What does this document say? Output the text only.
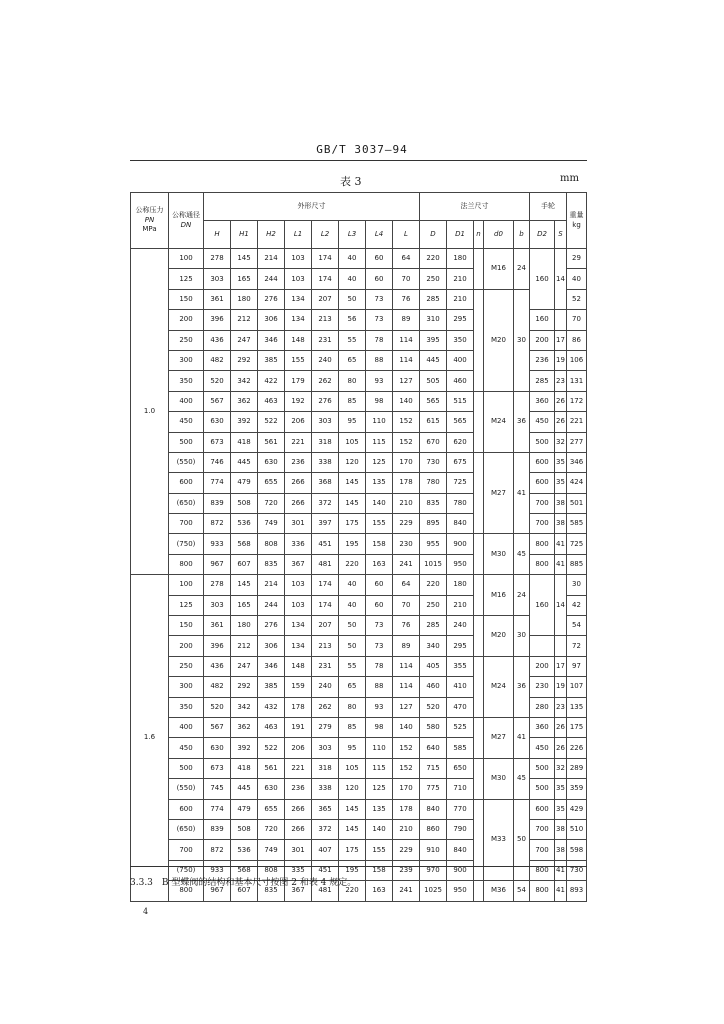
GB/T 3037—94
表 3	mm
公称压力
PN
MPa	公称通径
DN	外形尺寸								法兰尺寸					手轮		重量
kg
		H	H1	H2	L1	L2	L3	L4	L	D	D1	n	d0	b	D2	S	
1.0	100	278	145	214	103	174	40	60	64	220	180		M16	24	160	14	29
	125	303	165	244	103	174	40	60	70	250	210						40
	150	361	180	276	134	207	50	73	76	285	210		M20	30			52
	200	396	212	306	134	213	56	73	89	310	295				160		70
	250	436	247	346	148	231	55	78	114	395	350				200	17	86
	300	482	292	385	155	240	65	88	114	445	400				236	19	106
	350	520	342	422	179	262	80	93	127	505	460				285	23	131
	400	567	362	463	192	276	85	98	140	565	515		M24	36	360	26	172
	450	630	392	522	206	303	95	110	152	615	565				450	26	221
	500	673	418	561	221	318	105	115	152	670	620				500	32	277
	(550)	746	445	630	236	338	120	125	170	730	675		M27	41	600	35	346
	600	774	479	655	266	368	145	135	178	780	725				600	35	424
	(650)	839	508	720	266	372	145	140	210	835	780				700	38	501
	700	872	536	749	301	397	175	155	229	895	840				700	38	585
	(750)	933	568	808	336	451	195	158	230	955	900		M30	45	800	41	725
	800	967	607	835	367	481	220	163	241	1015	950				800	41	885
1.6	100	278	145	214	103	174	40	60	64	220	180		M16	24	160	14	30
	125	303	165	244	103	174	40	60	70	250	210						42
	150	361	180	276	134	207	50	73	76	285	240		M20	30			54
	200	396	212	306	134	213	50	73	89	340	295						72
	250	436	247	346	148	231	55	78	114	405	355		M24	36	200	17	97
	300	482	292	385	159	240	65	88	114	460	410				230	19	107
	350	520	342	432	178	262	80	93	127	520	470				280	23	135
	400	567	362	463	191	279	85	98	140	580	525		M27	41	360	26	175
	450	630	392	522	206	303	95	110	152	640	585				450	26	226
	500	673	418	561	221	318	105	115	152	715	650		M30	45	500	32	289
	(550)	745	445	630	236	338	120	125	170	775	710				500	35	359
	600	774	479	655	266	365	145	135	178	840	770		M33	50	600	35	429
	(650)	839	508	720	266	372	145	140	210	860	790				700	38	510
	700	872	536	749	301	407	175	155	229	910	840				700	38	598
	(750)	933	568	808	335	451	195	158	239	970	900				800	41	730
	800	967	607	835	367	481	220	163	241	1025	950		M36	54	800	41	893
3.3.3　B 型蝶阀的结构和基本尺寸按图 2 和表 4 规定。
4
